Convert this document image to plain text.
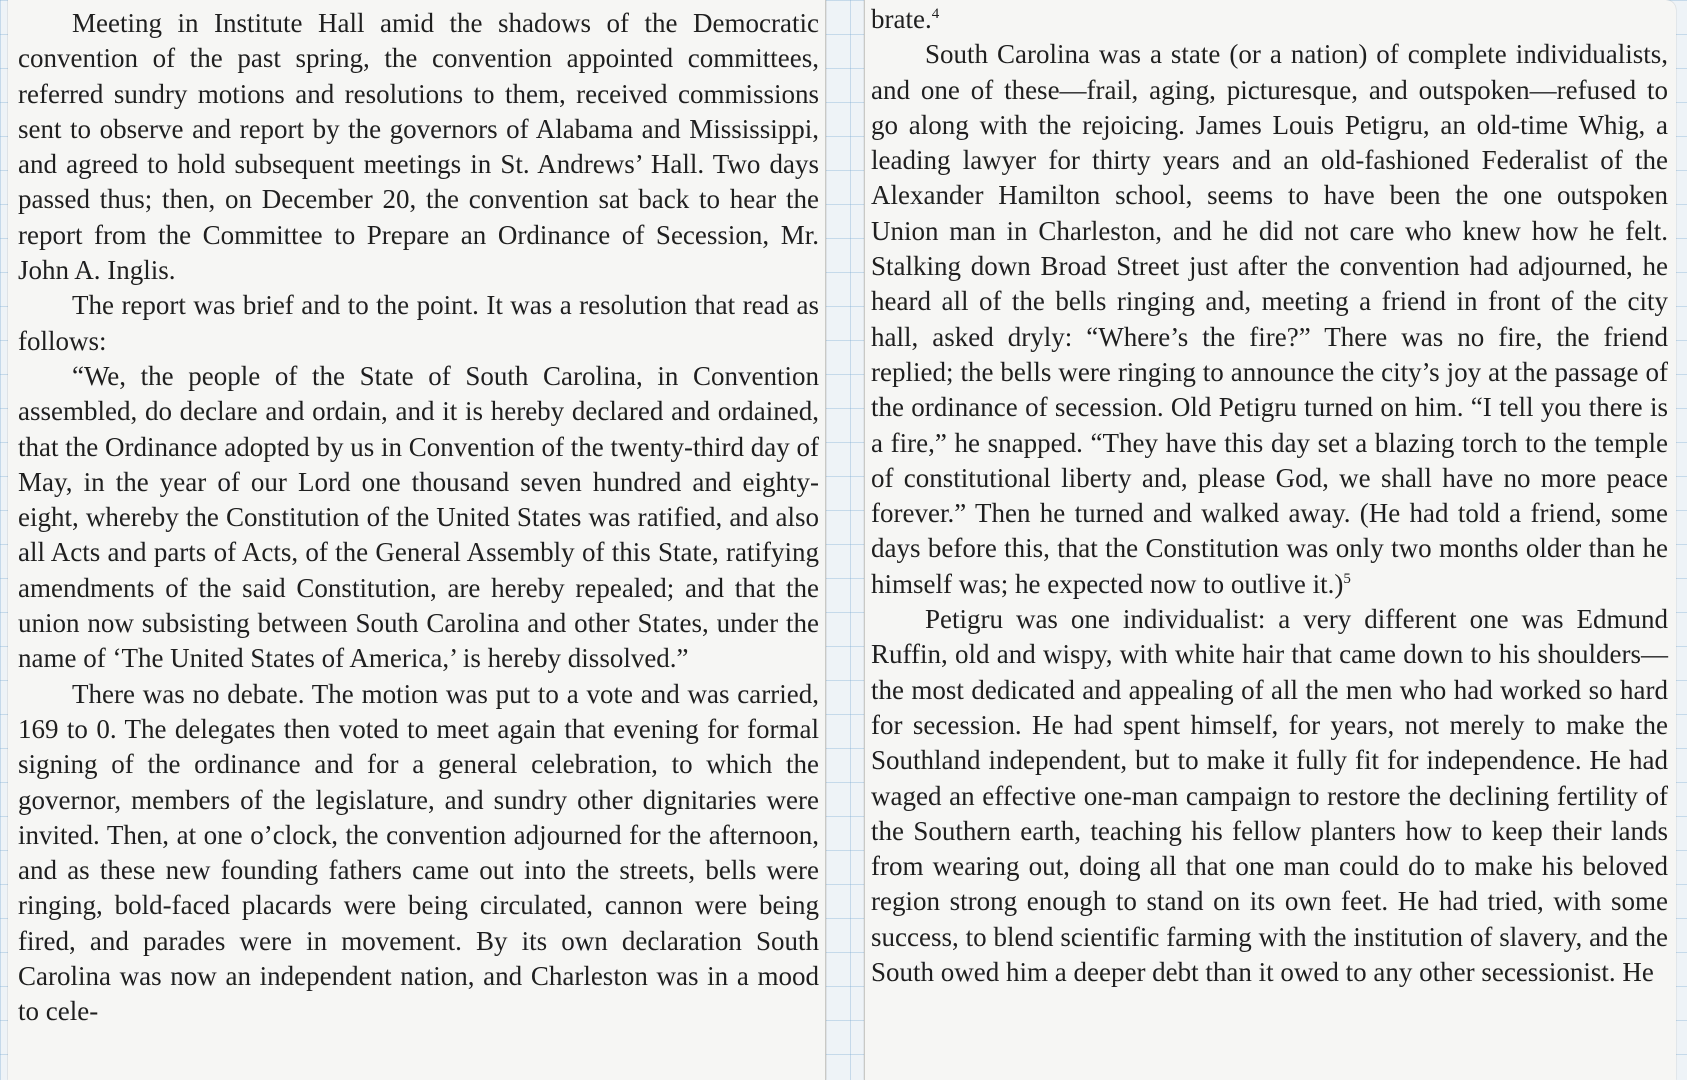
Meeting in Institute Hall amid the shadows of the Democratic convention of the past spring, the convention appointed committees, referred sundry motions and resolutions to them, received commissions sent to observe and report by the governors of Alabama and Mississippi, and agreed to hold subsequent meetings in St. Andrews’ Hall. Two days passed thus; then, on December 20, the convention sat back to hear the report from the Committee to Prepare an Ordinance of Secession, Mr. John A. Inglis.

The report was brief and to the point. It was a resolution that read as follows:

“We, the people of the State of South Carolina, in Convention assembled, do declare and ordain, and it is hereby declared and ordained, that the Ordinance adopted by us in Convention of the twenty-third day of May, in the year of our Lord one thousand seven hundred and eighty-eight, whereby the Constitution of the United States was ratified, and also all Acts and parts of Acts, of the General Assembly of this State, ratifying amendments of the said Constitution, are hereby repealed; and that the union now subsisting between South Carolina and other States, under the name of ‘The United States of America,’ is hereby dissolved.”

There was no debate. The motion was put to a vote and was carried, 169 to 0. The delegates then voted to meet again that evening for formal signing of the ordinance and for a general celebration, to which the governor, members of the legislature, and sundry other dignitaries were invited. Then, at one o’clock, the convention adjourned for the afternoon, and as these new founding fathers came out into the streets, bells were ringing, bold-faced placards were being circulated, cannon were being fired, and parades were in movement. By its own declaration South Carolina was now an independent nation, and Charleston was in a mood to cele-

brate.$^4$

South Carolina was a state (or a nation) of complete individualists, and one of these—frail, aging, picturesque, and outspoken—refused to go along with the rejoicing. James Louis Petigru, an old-time Whig, a leading lawyer for thirty years and an old-fashioned Federalist of the Alexander Hamilton school, seems to have been the one outspoken Union man in Charleston, and he did not care who knew how he felt. Stalking down Broad Street just after the convention had adjourned, he heard all of the bells ringing and, meeting a friend in front of the city hall, asked dryly: “Where’s the fire?” There was no fire, the friend replied; the bells were ringing to announce the city’s joy at the passage of the ordinance of secession. Old Petigru turned on him. “I tell you there is a fire,” he snapped. “They have this day set a blazing torch to the temple of constitutional liberty and, please God, we shall have no more peace forever.” Then he turned and walked away. (He had told a friend, some days before this, that the Constitution was only two months older than he himself was; he expected now to outlive it.)$^5$

Petigru was one individualist: a very different one was Edmund Ruffin, old and wispy, with white hair that came down to his shoulders—the most dedicated and appealing of all the men who had worked so hard for secession. He had spent himself, for years, not merely to make the Southland independent, but to make it fully fit for independence. He had waged an effective one-man campaign to restore the declining fertility of the Southern earth, teaching his fellow planters how to keep their lands from wearing out, doing all that one man could do to make his beloved region strong enough to stand on its own feet. He had tried, with some success, to blend scientific farming with the institution of slavery, and the South owed him a deeper debt than it owed to any other secessionist. He
